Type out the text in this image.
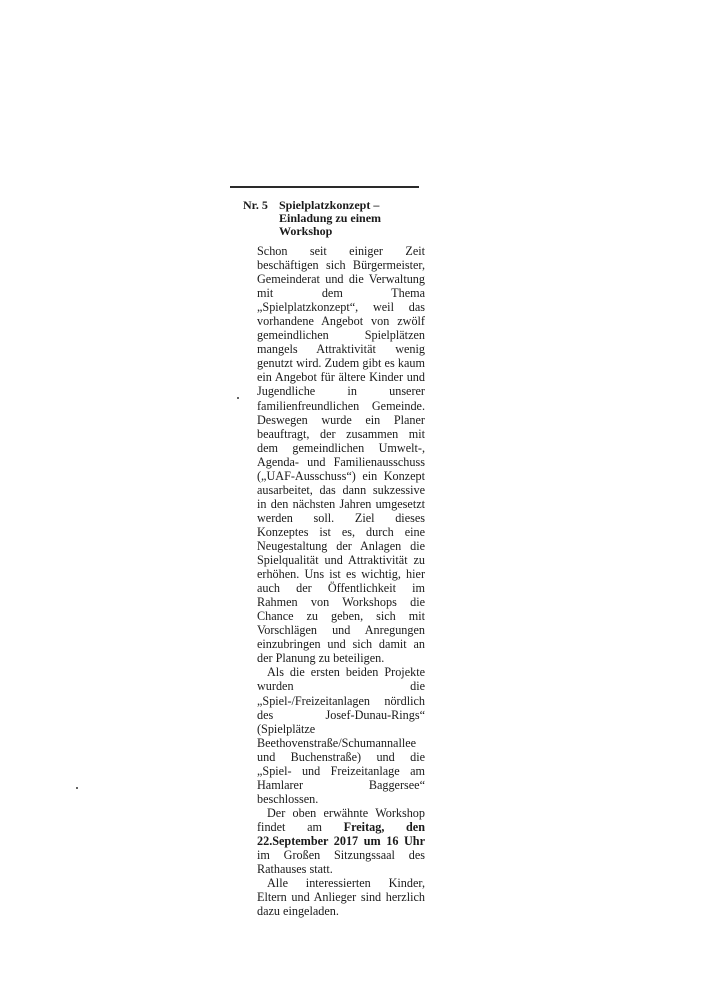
Nr. 5 Spielplatzkonzept – Einladung zu einem Workshop

Schon seit einiger Zeit beschäftigen sich Bürgermeister, Gemeinderat und die Verwaltung mit dem Thema „Spielplatzkonzept“, weil das vorhandene Angebot von zwölf gemeindlichen Spielplätzen mangels Attraktivität wenig genutzt wird. Zudem gibt es kaum ein Angebot für ältere Kinder und Jugendliche in unserer familienfreundlichen Gemeinde. Deswegen wurde ein Planer beauftragt, der zusammen mit dem gemeindlichen Umwelt-, Agenda- und Familienausschuss („UAF-Ausschuss“) ein Konzept ausarbeitet, das dann sukzessive in den nächsten Jahren umgesetzt werden soll. Ziel dieses Konzeptes ist es, durch eine Neugestaltung der Anlagen die Spielqualität und Attraktivität zu erhöhen. Uns ist es wichtig, hier auch der Öffentlichkeit im Rahmen von Workshops die Chance zu geben, sich mit Vorschlägen und Anregungen einzubringen und sich damit an der Planung zu beteiligen.

Als die ersten beiden Projekte wurden die „Spiel-/Freizeitanlagen nördlich des Josef-Dunau-Rings“ (Spielplätze Beethovenstraße/Schumannallee und Buchenstraße) und die „Spiel- und Freizeitanlage am Hamlarer Baggersee“ beschlossen.

Der oben erwähnte Workshop findet am Freitag, den 22.September 2017 um 16 Uhr im Großen Sitzungssaal des Rathauses statt.

Alle interessierten Kinder, Eltern und Anlieger sind herzlich dazu eingeladen.
